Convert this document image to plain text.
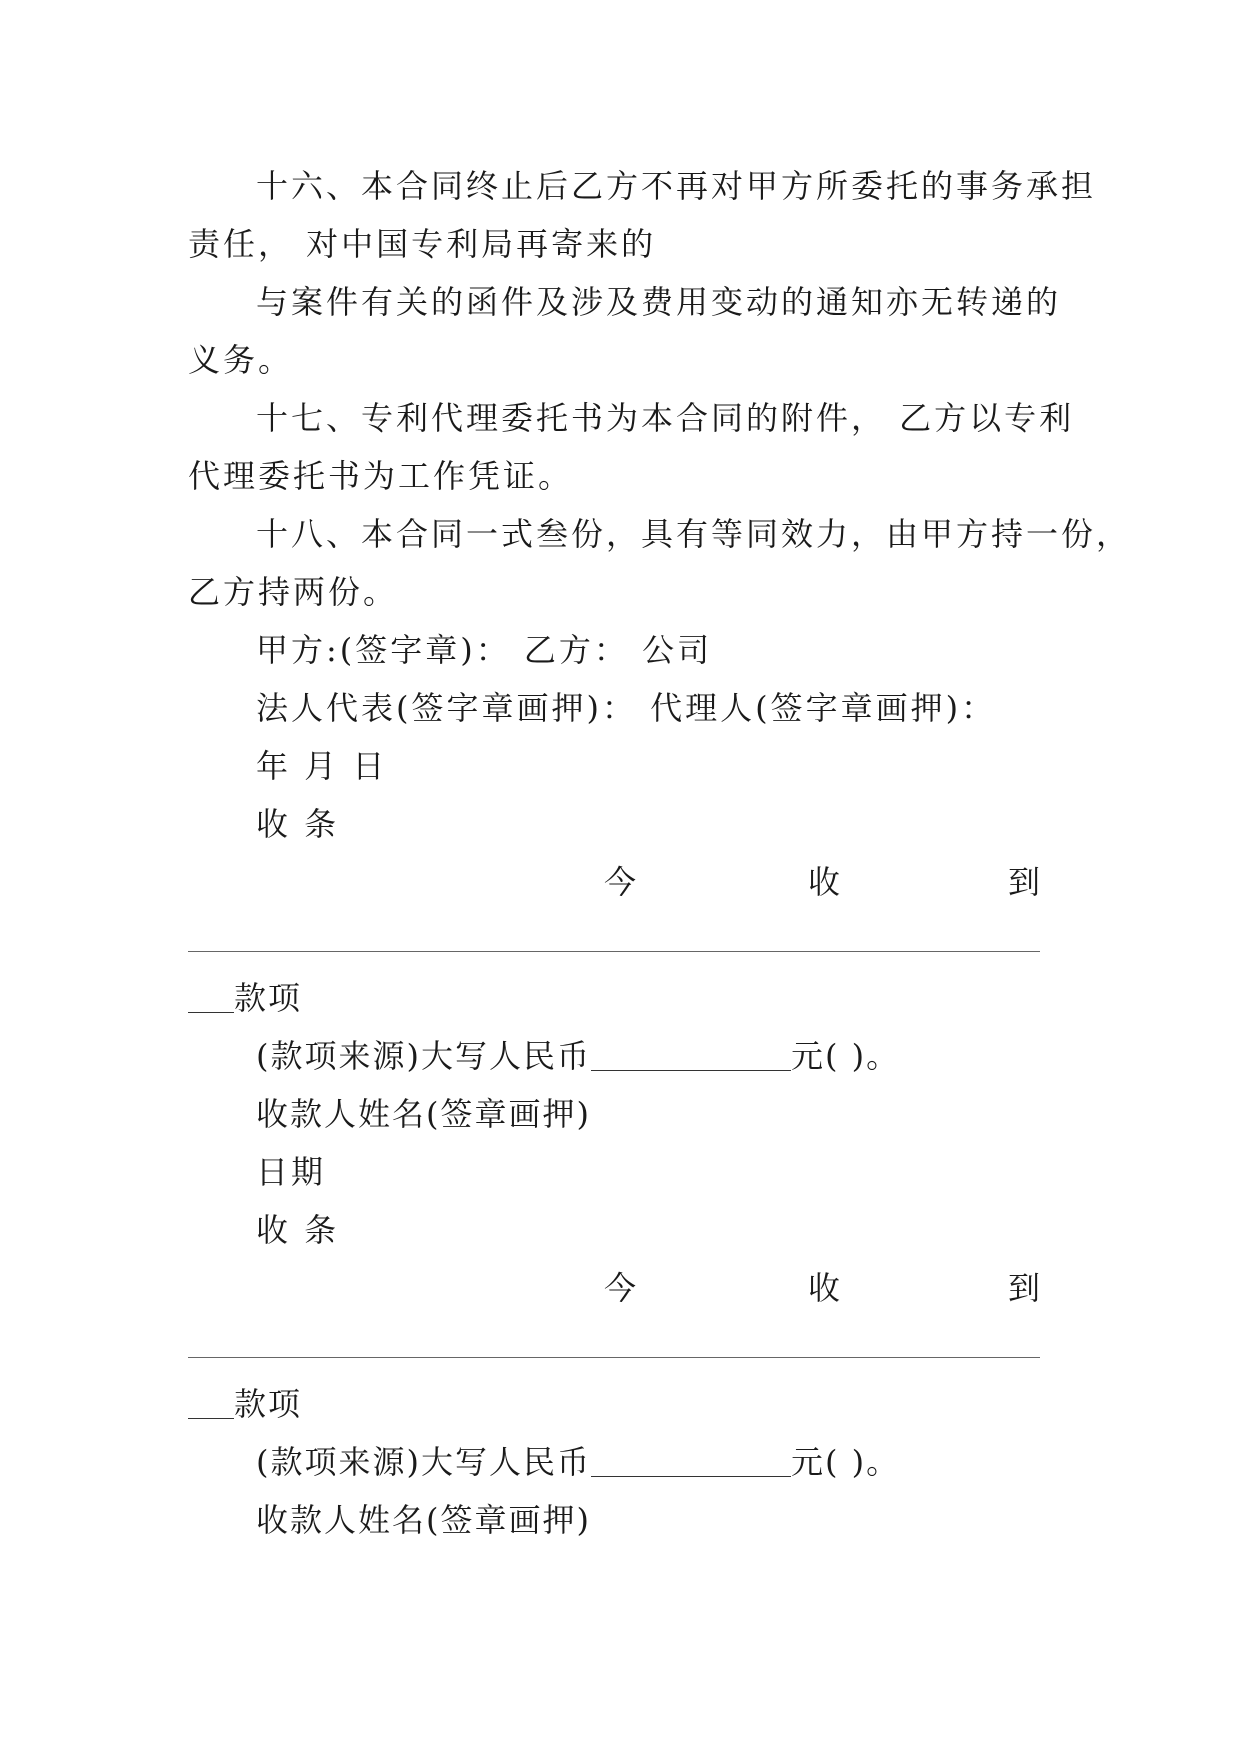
十六、本合同终止后乙方不再对甲方所委托的事务承担
责任， 对中国专利局再寄来的
与案件有关的函件及涉及费用变动的通知亦无转递的
义务。
十七、专利代理委托书为本合同的附件， 乙方以专利
代理委托书为工作凭证。
十八、本合同一式叁份，具有等同效力，由甲方持一份，
乙方持两份。
甲方:(签字章)： 乙方： 公司
法人代表(签字章画押)： 代理人(签字章画押)：
年 月 日
收 条
今	收	到
款项
(款项来源)大写人民币	元( )。
收款人姓名(签章画押)
日期
收 条
今	收	到
款项
(款项来源)大写人民币	元( )。
收款人姓名(签章画押)
